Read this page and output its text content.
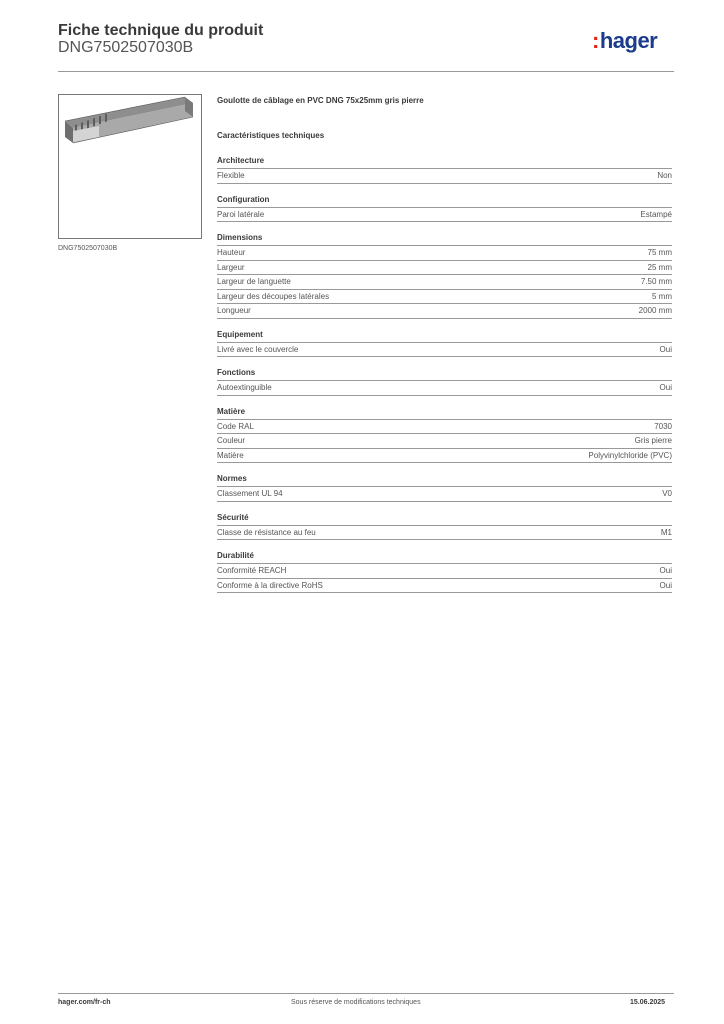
Fiche technique du produit
DNG7502507030B	:hager
DNG7502507030B
Goulotte de câblage en PVC DNG 75x25mm gris pierre
Caractéristiques techniques
Architecture
Flexible	Non
Configuration
Paroi latérale	Estampé
Dimensions
Hauteur	75 mm
Largeur	25 mm
Largeur de languette	7.50 mm
Largeur des découpes latérales	5 mm
Longueur	2000 mm
Equipement
Livré avec le couvercle	Oui
Fonctions
Autoextinguible	Oui
Matière
Code RAL	7030
Couleur	Gris pierre
Matière	Polyvinylchloride (PVC)
Normes
Classement UL 94	V0
Sécurité
Classe de résistance au feu	M1
Durabilité
Conformité REACH	Oui
Conforme à la directive RoHS	Oui
hager.com/fr-ch	Sous réserve de modifications techniques	15.06.2025
